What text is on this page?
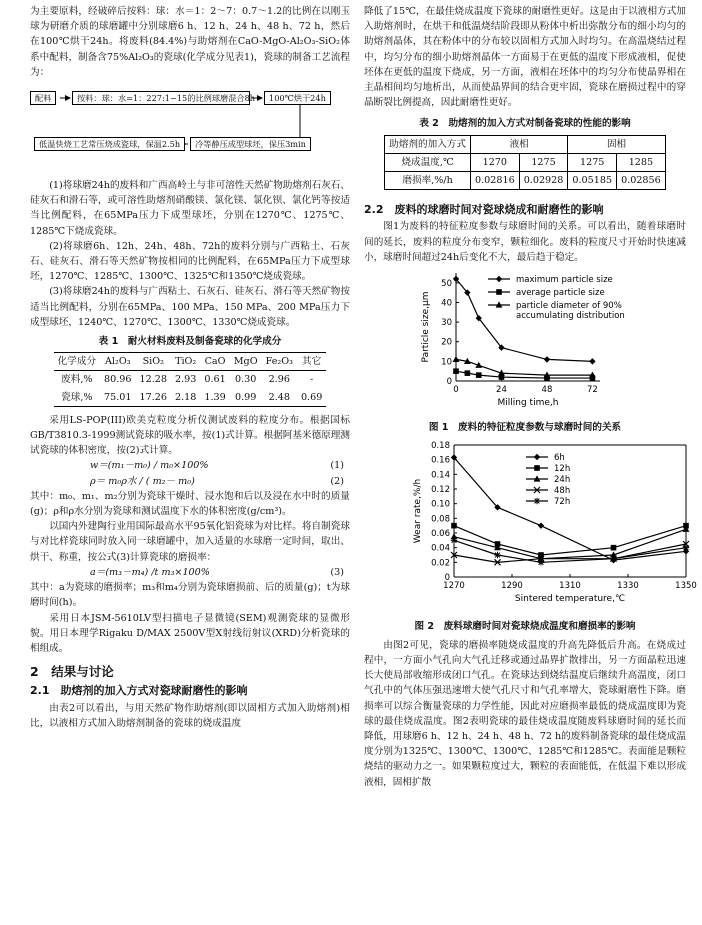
为主要原料，经破碎后按料：球：水＝1：2～7：0.7～1.2的比例在以刚玉球为研磨介质的球磨罐中分别球磨6 h、12 h、24 h、48 h、72 h，然后在100℃烘干24h。将废料(84.4%)与助熔剂在CaO-MgO-Al₂O₃-SiO₂体系中配料，制备含75%Al₂O₃的瓷球(化学成分见表1)，瓷球的制备工艺流程为：

配料	按料：球：水=1：227:1~15的比例球磨混合8h	100℃烘干24h
低温快烧工艺常压烧成瓷球，保温2.5h	冷等静压成型球坯，保压3min

(1)将球磨24h的废料和广西高岭土与非可溶性天然矿物助熔剂石灰石、硅灰石和滑石等，或可溶性助熔剂硝酸镁、氯化镁、氯化钡、氯化钙等按适当比例配料，在65MPa压力下成型球坯，分别在1270℃、1275℃、1285℃下烧成瓷球。

(2)将球磨6h、12h、24h、48h、72h的废料分别与广西粘土、石灰石、硅灰石、滑石等天然矿物按相同的比例配料，在65MPa压力下成型球坯，1270℃、1285℃、1300℃、1325℃和1350℃烧成瓷球。

(3)将球磨24h的废料与广西粘土、石灰石、硅灰石、滑石等天然矿物按适当比例配料，分别在65MPa、100 MPa、150 MPa、200 MPa压力下成型球坯，1240℃、1270℃、1300℃、1330℃烧成瓷球。

表 1　耐火材料废料及制备瓷球的化学成分
化学成分	Al₂O₃	SiO₂	TiO₂	CaO	MgO	Fe₂O₃	其它
废料,%	80.96	12.28	2.93	0.61	0.30	2.96	-
瓷球,%	75.01	17.26	2.18	1.39	0.99	2.48	0.69

采用LS-POP(III)欧美克粒度分析仪测试废料的粒度分布。根据国标GB/T3810.3-1999测试瓷球的吸水率，按(1)式计算。根据阿基米德原理测试瓷球的体积密度，按(2)式计算。

w＝(m₁－m₀) / m₀×100%	(1)
ρ＝ m₀ρ水 / ( m₂－ m₀)	(2)

其中：m₀、m₁、m₂分别为瓷球干燥时、浸水饱和后以及浸在水中时的质量(g)；ρ和ρ水分别为瓷球和测试温度下水的体积密度(g/cm³)。

以国内外建陶行业用国际最高水平95氧化铝瓷球为对比样。将自制瓷球与对比样瓷球同时放入同一球磨罐中，加入适量的水球磨一定时间，取出、烘干、称重，按公式(3)计算瓷球的磨损率：

a＝(m₃－m₄) /t m₃×100%	(3)

其中：a为瓷球的磨损率；m₃和m₄分别为瓷球磨损前、后的质量(g)；t为球磨时间(h)。

采用日本JSM-5610LV型扫描电子显微镜(SEM)观测瓷球的显微形貌。用日本理学Rigaku D/MAX 2500V型X射线衍射议(XRD)分析瓷球的相组成。

2　结果与讨论
2.1　助熔剂的加入方式对瓷球耐磨性的影响

由表2可以看出，与用天然矿物作助熔剂(即以固相方式加入助熔剂)相比，以液相方式加入助熔剂制备的瓷球的烧成温度

降低了15℃，在最佳烧成温度下瓷球的耐磨性更好。这是由于以液相方式加入助熔剂时，在烘干和低温烧结阶段即从粉体中析出弥散分布的细小均匀的助熔剂晶体，其在粉体中的分布较以固相方式加入时均匀。在高温烧结过程中，均匀分布的细小助熔剂晶体一方面易于在更低的温度下形成液相，促使坯体在更低的温度下烧成，另一方面，液相在坯体中的均匀分布使晶界相在主晶相间均匀地析出，从而使晶界间的结合更牢固，瓷球在磨损过程中的穿晶断裂比例提高，因此耐磨性更好。

表 2　助熔剂的加入方式对制备瓷球的性能的影响
助熔剂的加入方式	液相		固相	
烧成温度,℃	1270	1275	1275	1285
磨损率,%/h	0.02816	0.02928	0.05185	0.02856
2.2　废料的球磨时间对瓷球烧成和耐磨性的影响

图1为废料的特征粒度参数与球磨时间的关系。可以看出，随着球磨时间的延长，废料的粒度分布变窄，颗粒细化。废料的粒度尺寸开始时快速减小，球磨时间超过24h后变化不大，最后趋于稳定。

0	24	48	72
0
10
20
30
40
50
Milling time,h
Particle size,μm
maximum particle size
average particle size
particle diameter of 90%
accumulating distribution
图 1　废料的特征粒度参数与球磨时间的关系
1270	1290	1310	1330	1350
0
0.02
0.04
0.06
0.08
0.10
0.12
0.14
0.16
0.18
Sintered temperature,℃
Wear rate,%/h
6h
12h
24h
48h
72h
图 2　废料球磨时间对瓷球烧成温度和磨损率的影响

由图2可见，瓷球的磨损率随烧成温度的升高先降低后升高。在烧成过程中，一方面小气孔向大气孔迁移或通过晶界扩散排出，另一方面晶粒迅速长大使局部收缩形成闭口气孔。在瓷球达到烧结温度后继续升高温度，闭口气孔中的气体压强迅速增大使气孔尺寸和气孔率增大，瓷球耐磨性下降。磨损率可以综合衡量瓷球的力学性能，因此对应磨损率最低的烧成温度即为瓷球的最佳烧成温度。图2表明瓷球的最佳烧成温度随废料球磨时间的延长而降低，用球磨6 h、12 h、24 h、48 h、72 h的废料制备瓷球的最佳烧成温度分别为1325℃、1300℃、1300℃、1285℃和1285℃。表面能是颗粒烧结的驱动力之一。如果颗粒度过大，颗粒的表面能低，在低温下难以形成液相，固相扩散
